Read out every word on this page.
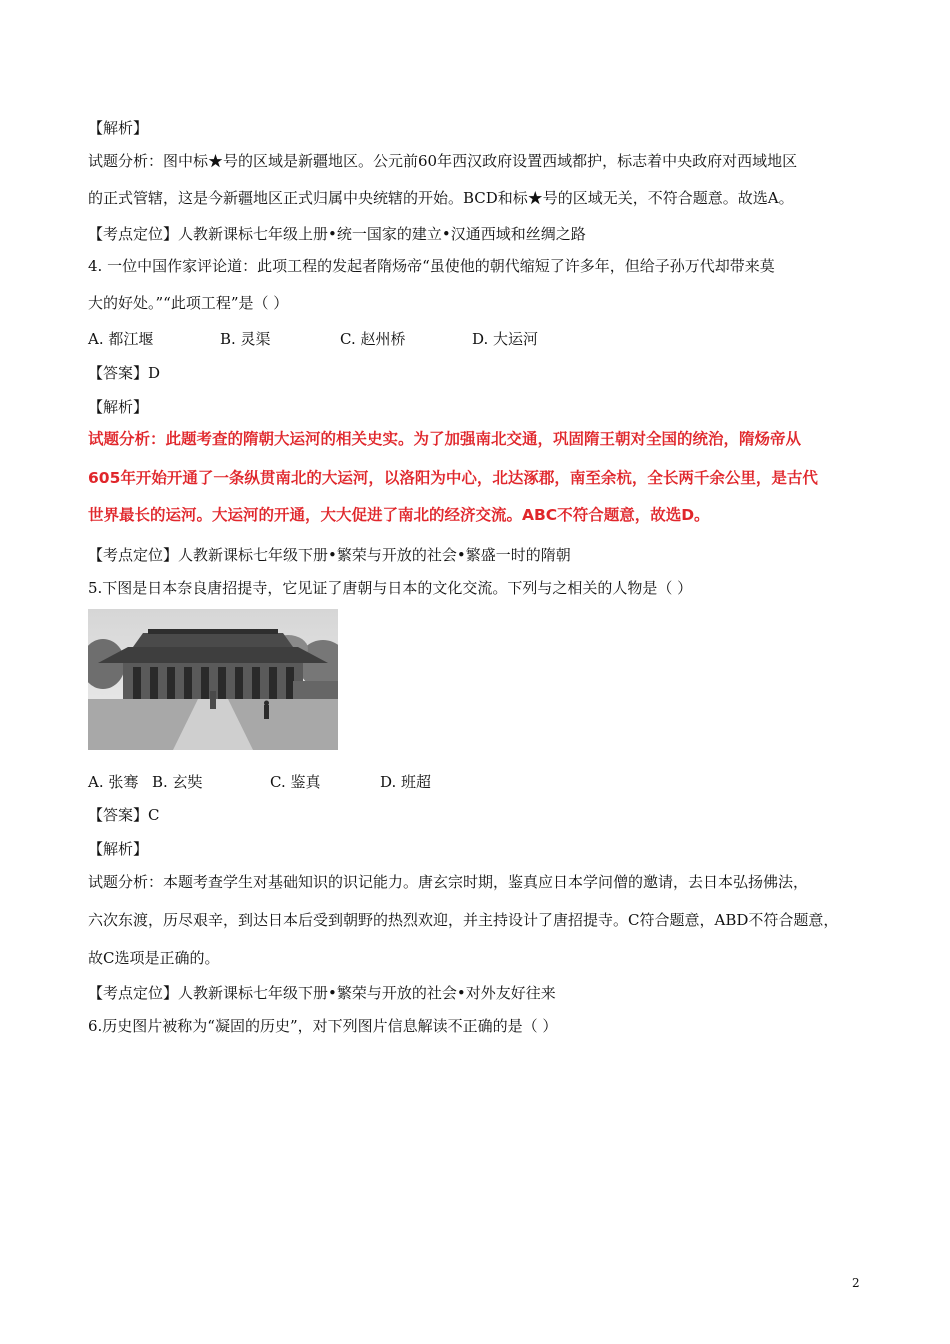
【解析】
试题分析：图中标★号的区域是新疆地区。公元前60年西汉政府设置西域都护，标志着中央政府对西域地区
的正式管辖，这是今新疆地区正式归属中央统辖的开始。BCD和标★号的区域无关，不符合题意。故选A。
【考点定位】人教新课标七年级上册•统一国家的建立•汉通西域和丝绸之路
4. 一位中国作家评论道：此项工程的发起者隋炀帝“虽使他的朝代缩短了许多年，但给子孙万代却带来莫
大的好处。”“此项工程”是（ ）
A. 都江堰	B. 灵渠	C. 赵州桥	D. 大运河
【答案】D
【解析】
试题分析：此题考查的隋朝大运河的相关史实。为了加强南北交通，巩固隋王朝对全国的统治，隋炀帝从
605年开始开通了一条纵贯南北的大运河，以洛阳为中心，北达涿郡，南至余杭，全长两千余公里，是古代
世界最长的运河。大运河的开通，大大促进了南北的经济交流。ABC不符合题意，故选D。
【考点定位】人教新课标七年级下册•繁荣与开放的社会•繁盛一时的隋朝
5.下图是日本奈良唐招提寺，它见证了唐朝与日本的文化交流。下列与之相关的人物是（ ）
A. 张骞 B. 玄奘	C. 鉴真	D. 班超
【答案】C
【解析】
试题分析：本题考查学生对基础知识的识记能力。唐玄宗时期，鉴真应日本学问僧的邀请，去日本弘扬佛法，
六次东渡，历尽艰辛，到达日本后受到朝野的热烈欢迎，并主持设计了唐招提寺。C符合题意，ABD不符合题意，
故C选项是正确的。
【考点定位】人教新课标七年级下册•繁荣与开放的社会•对外友好往来
6.历史图片被称为“凝固的历史”，对下列图片信息解读不正确的是（ ）
2
